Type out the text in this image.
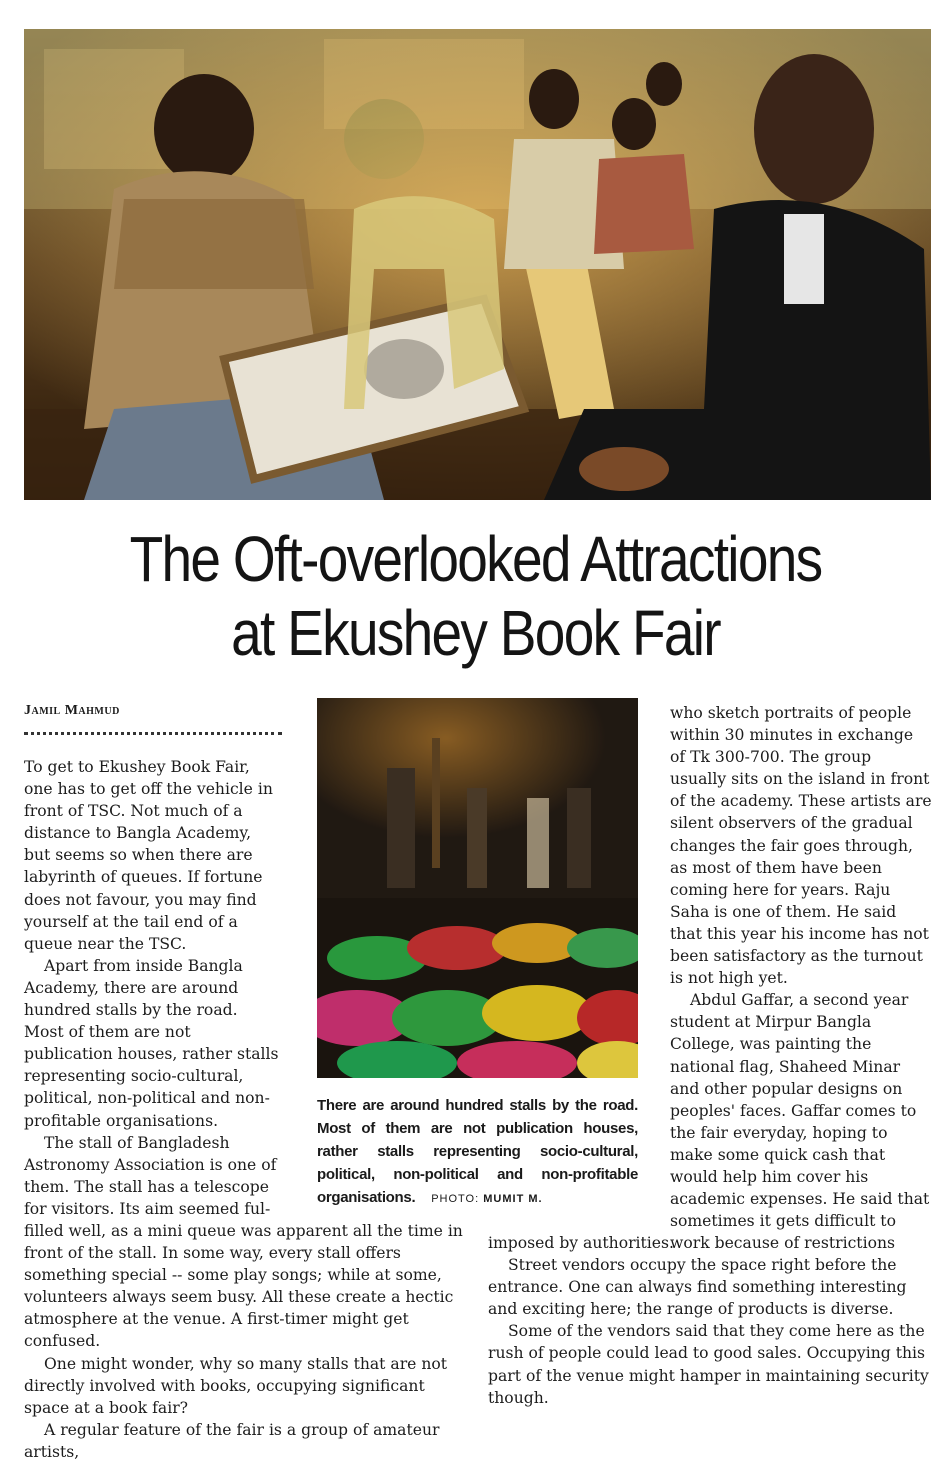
The Oft-overlooked Attractions
at Ekushey Book Fair
Jamil Mahmud

To get to Ekushey Book Fair, one has to get off the vehicle in front of TSC. Not much of a distance to Bangla Academy, but seems so when there are labyrinth of queues. If fortune does not favour, you may find yourself at the tail end of a queue near the TSC.

Apart from inside Bangla Academy, there are around hundred stalls by the road. Most of them are not publication houses, rather stalls representing socio-cultural, political, non-political and non-profitable organisations.

The stall of Bangladesh Astronomy Association is one of them. The stall has a telescope for visitors. Its aim seemed ful-

filled well, as a mini queue was apparent all the time in front of the stall. In some way, every stall offers something special -- some play songs; while at some, volunteers always seem busy. All these create a hectic atmosphere at the venue. A first-timer might get confused.

One might wonder, why so many stalls that are not directly involved with books, occupying significant space at a book fair?

A regular feature of the fair is a group of amateur artists,

There are around hundred stalls by the road. Most of them are not publication houses, rather stalls representing socio-cultural, political, non-political and non-profitable organisations. PHOTO: MUMIT M.

who sketch portraits of people within 30 minutes in exchange of Tk 300-700. The group usually sits on the island in front of the academy. These artists are silent observers of the gradual changes the fair goes through, as most of them have been coming here for years. Raju Saha is one of them. He said that this year his income has not been satisfactory as the turnout is not high yet.

Abdul Gaffar, a second year student at Mirpur Bangla College, was painting the national flag, Shaheed Minar and other popular designs on peoples' faces. Gaffar comes to the fair everyday, hoping to make some quick cash that would help him cover his academic expenses. He said that sometimes it gets difficult to work because of restrictions

imposed by authorities.

Street vendors occupy the space right before the entrance. One can always find something interesting and exciting here; the range of products is diverse.

Some of the vendors said that they come here as the rush of people could lead to good sales. Occupying this part of the venue might hamper in maintaining security though.
